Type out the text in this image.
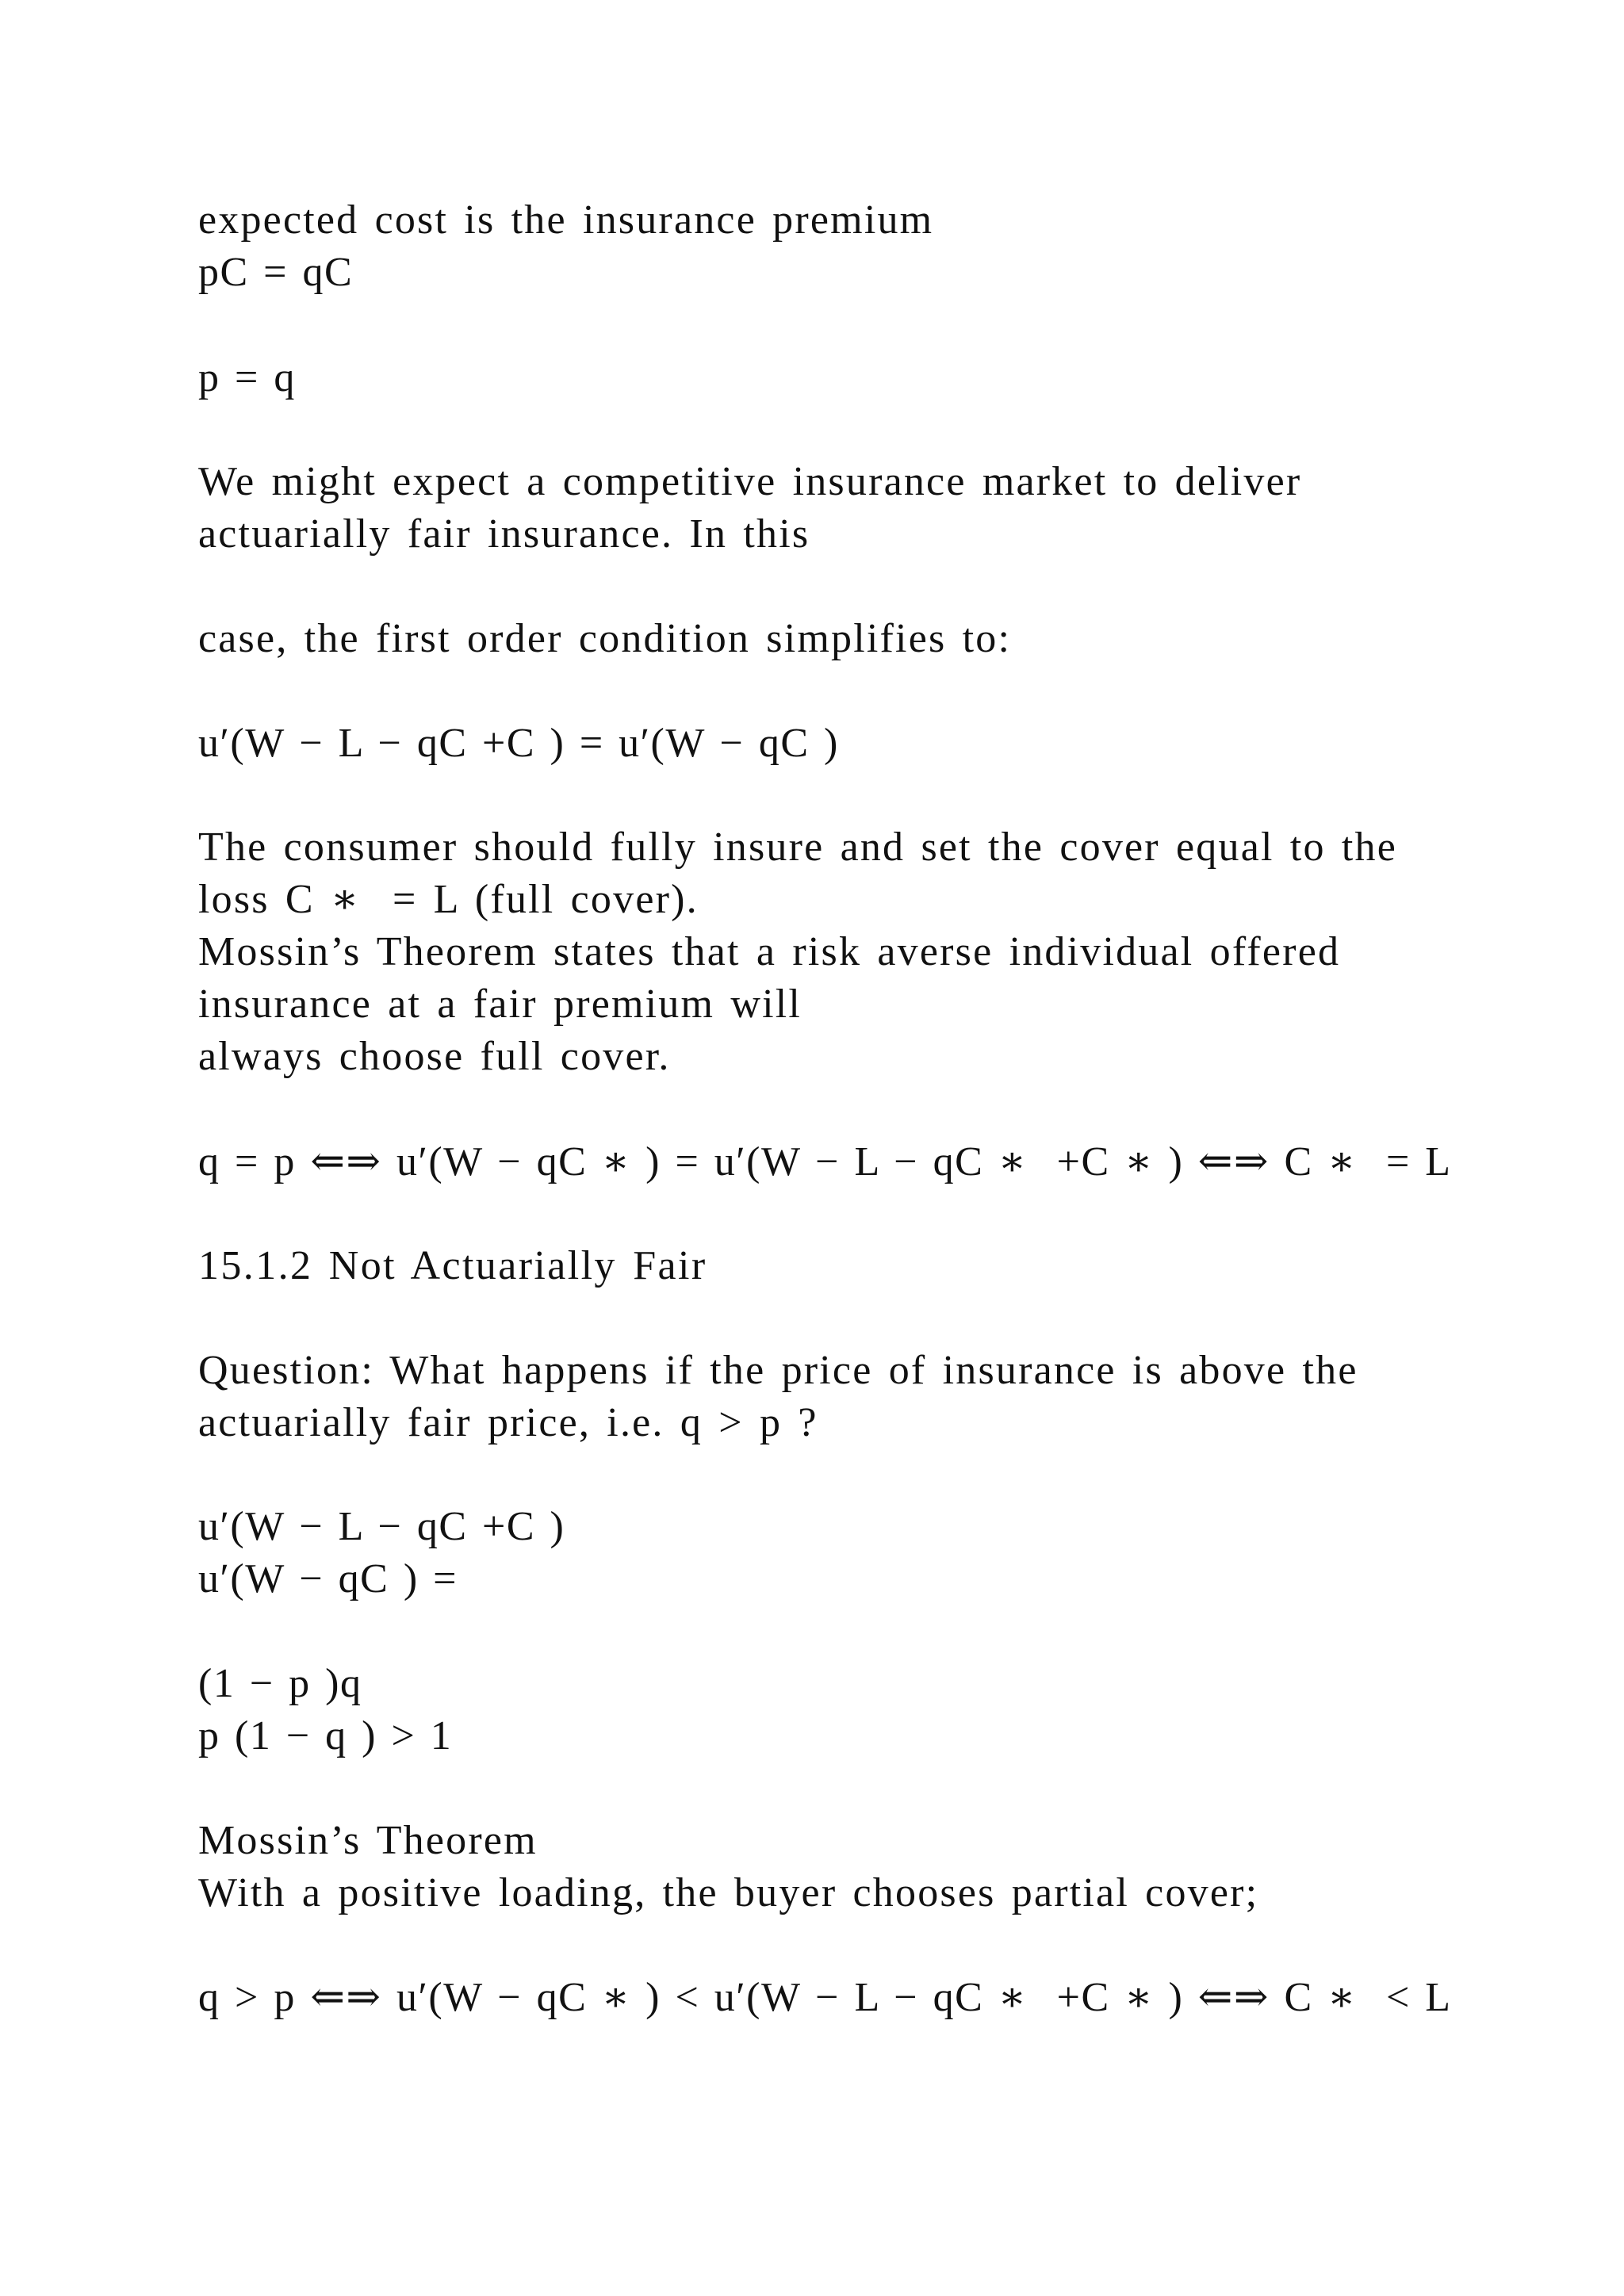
expected cost is the insurance premium
pC = qC
p = q
We might expect a competitive insurance market to deliver
actuarially fair insurance. In this
case, the first order condition simplifies to:
u′(W − L − qC +C ) = u′(W − qC )
The consumer should fully insure and set the cover equal to the
loss C ∗  = L (full cover).
Mossin’s Theorem states that a risk averse individual offered
insurance at a fair premium will
always choose full cover.
q = p ⇐⇒ u′(W − qC ∗ ) = u′(W − L − qC ∗  +C ∗ ) ⇐⇒ C ∗  = L
15.1.2 Not Actuarially Fair
Question: What happens if the price of insurance is above the
actuarially fair price, i.e. q > p ?
u′(W − L − qC +C )
u′(W − qC ) =
(1 − p )q
p (1 − q ) > 1
Mossin’s Theorem
With a positive loading, the buyer chooses partial cover;
q > p ⇐⇒ u′(W − qC ∗ ) < u′(W − L − qC ∗  +C ∗ ) ⇐⇒ C ∗  < L
